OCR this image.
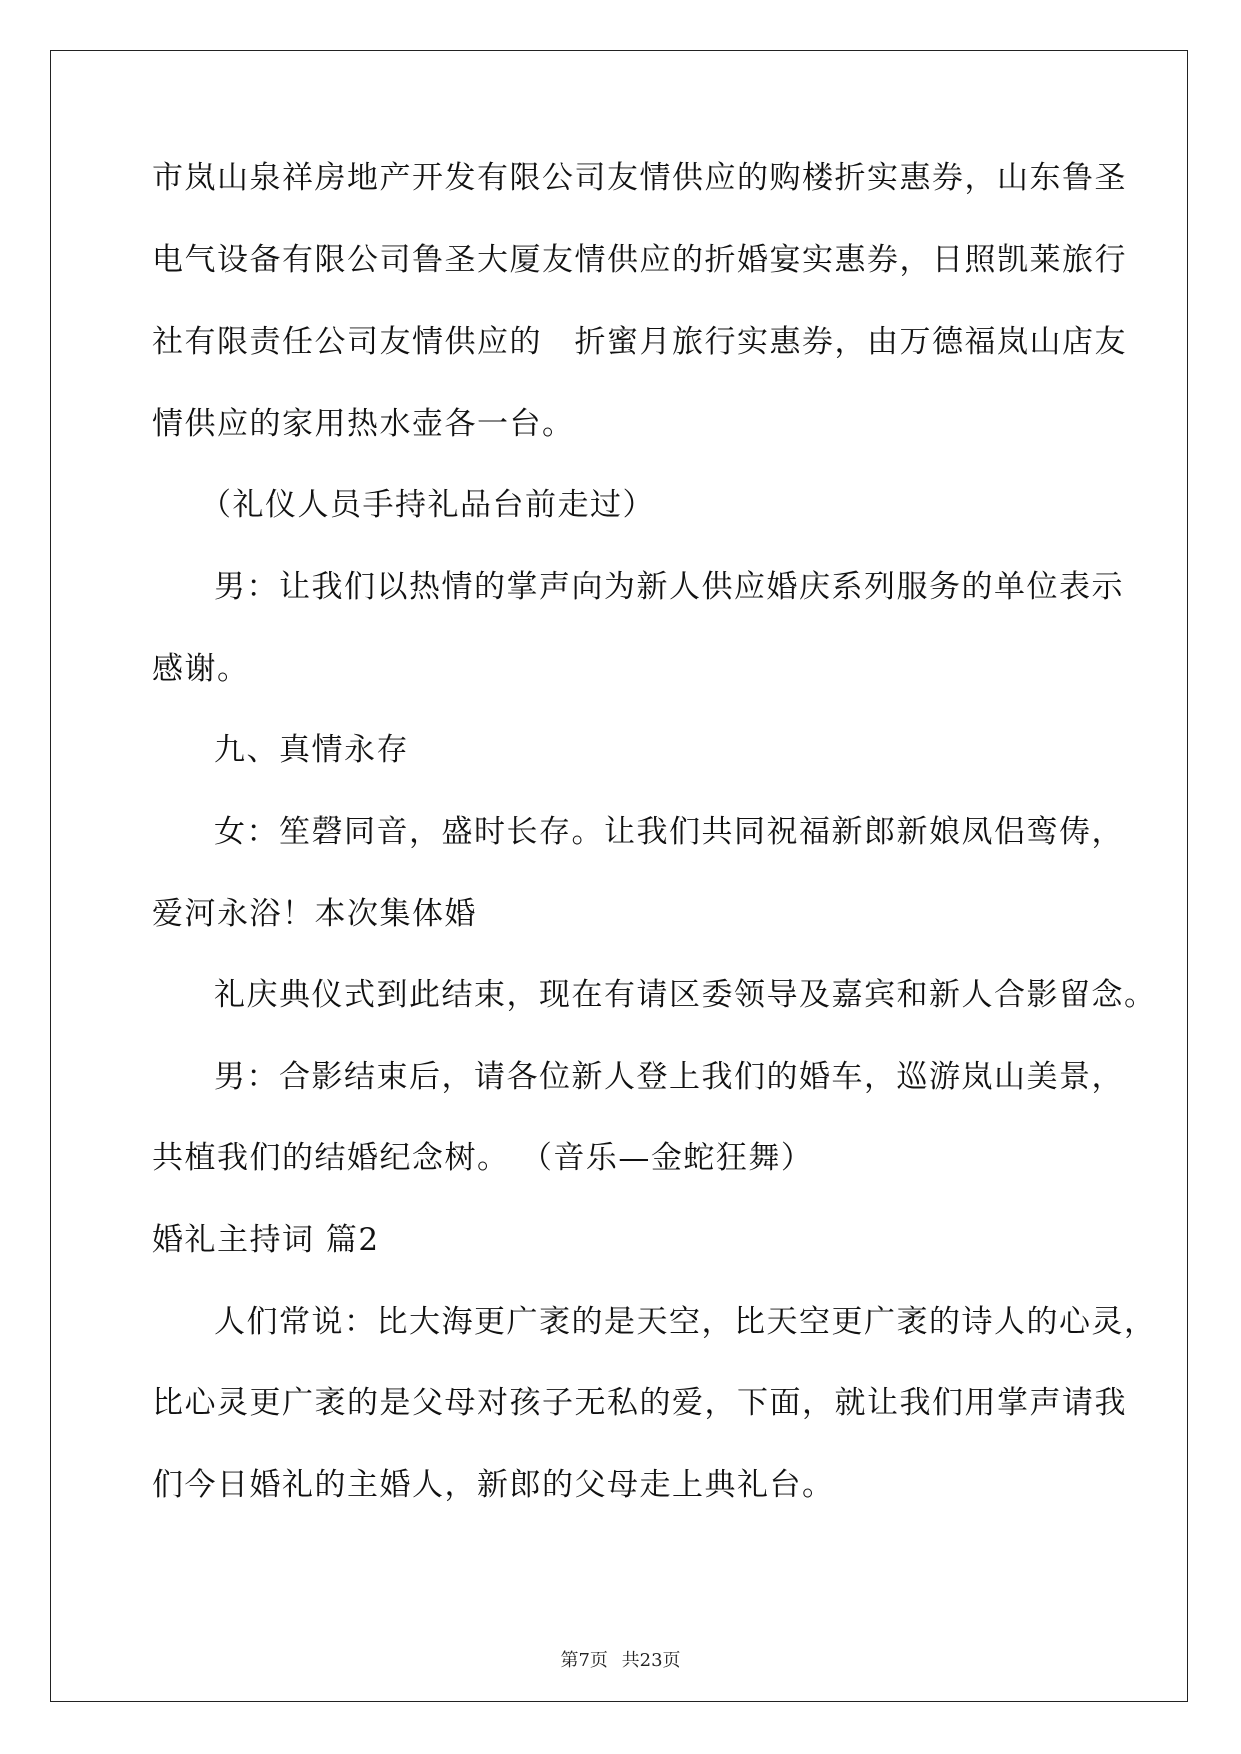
市岚山泉祥房地产开发有限公司友情供应的购楼折实惠券，山东鲁圣
电气设备有限公司鲁圣大厦友情供应的折婚宴实惠券，日照凯莱旅行
社有限责任公司友情供应的　折蜜月旅行实惠券，由万德福岚山店友
情供应的家用热水壶各一台。
（礼仪人员手持礼品台前走过）
男：让我们以热情的掌声向为新人供应婚庆系列服务的单位表示
感谢。
九、真情永存
女：笙磬同音，盛时长存。让我们共同祝福新郎新娘凤侣鸾俦，
爱河永浴！本次集体婚
礼庆典仪式到此结束，现在有请区委领导及嘉宾和新人合影留念。
男：合影结束后，请各位新人登上我们的婚车，巡游岚山美景，
共植我们的结婚纪念树。 （音乐—金蛇狂舞）
婚礼主持词 篇2
人们常说：比大海更广袤的是天空，比天空更广袤的诗人的心灵，
比心灵更广袤的是父母对孩子无私的爱，下面，就让我们用掌声请我
们今日婚礼的主婚人，新郎的父母走上典礼台。
第7页 共23页
